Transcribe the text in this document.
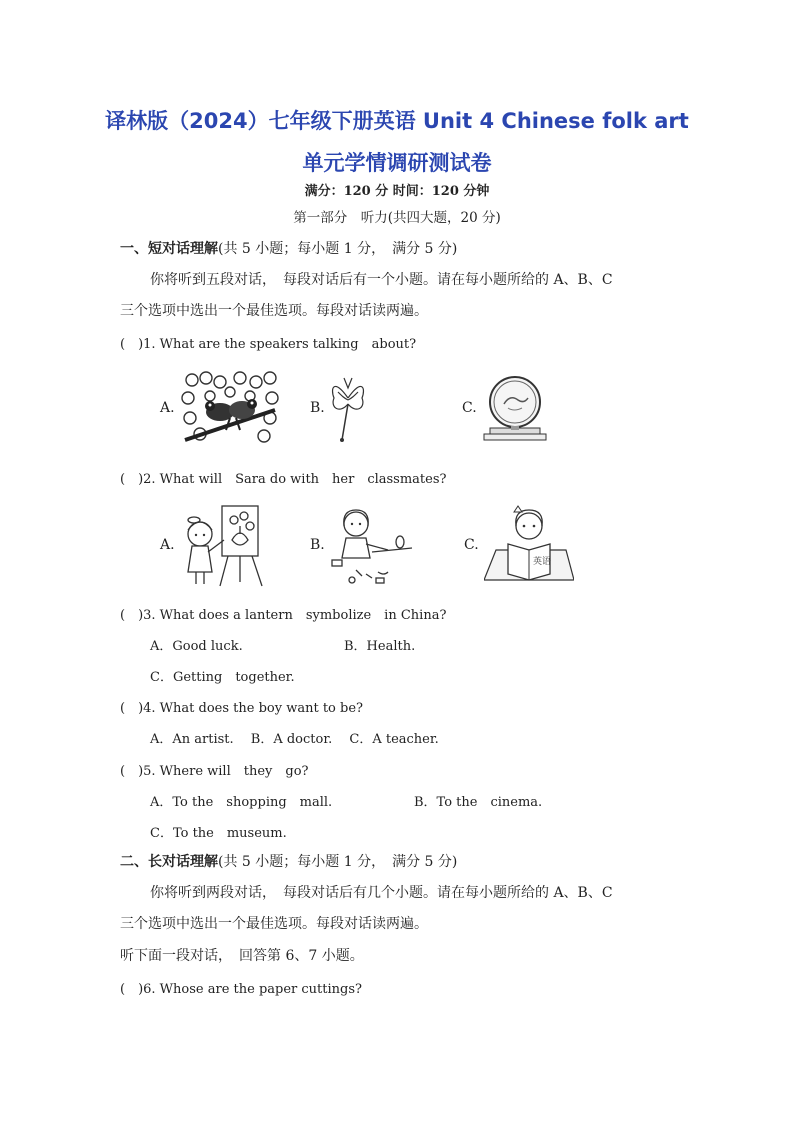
译林版（2024）七年级下册英语 Unit 4 Chinese folk art
单元学情调研测试卷
满分：120 分 时间：120 分钟
第一部分　听力(共四大题，20 分)
一、短对话理解(共 5 小题；每小题 1 分，　满分 5 分)
你将听到五段对话，　每段对话后有一个小题。请在每小题所给的 A、B、C
三个选项中选出一个最佳选项。每段对话读两遍。
(　)1. What are the speakers talking　about?
A.	B.	C.
(　)2. What will　Sara do with　her　classmates?
A.	B.	C.
英语
(　)3. What does a lantern　symbolize　in China?
A．Good luck.	B．Health.
C．Getting　together.
(　)4. What does the boy want to be?
A．An artist.　 B．A doctor.　 C．A teacher.
(　)5. Where will　they　go?
A．To the　shopping　mall.	B．To the　cinema.
C．To the　museum.
二、长对话理解(共 5 小题；每小题 1 分，　满分 5 分)
你将听到两段对话，　每段对话后有几个小题。请在每小题所给的 A、B、C
三个选项中选出一个最佳选项。每段对话读两遍。
听下面一段对话，　回答第 6、7 小题。
(　)6. Whose are the paper cuttings?
